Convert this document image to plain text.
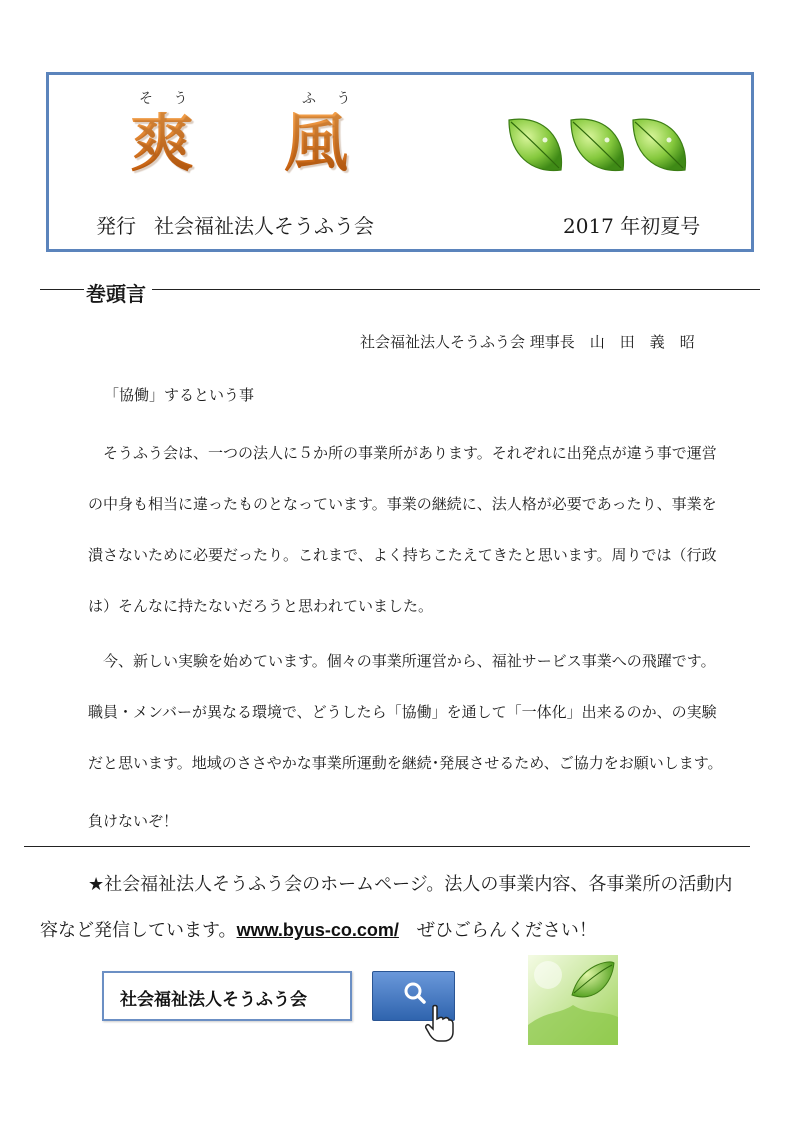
そ う	ふ う
爽 風
発行 社会福祉法人そうふう会	2017 年初夏号
巻頭言
社会福祉法人そうふう会 理事長　山　田　義　昭
「協働」するという事

　そうふう会は、一つの法人に５か所の事業所があります。それぞれに出発点が違う事で運営
の中身も相当に違ったものとなっています。事業の継続に、法人格が必要であったり、事業を
潰さないために必要だったり。これまで、よく持ちこたえてきたと思います。周りでは（行政
は）そんなに持たないだろうと思われていました。

　今、新しい実験を始めています。個々の事業所運営から、福祉サービス事業への飛躍です。
職員・メンバーが異なる環境で、どうしたら「協働」を通して「一体化」出来るのか、の実験
だと思います。地域のささやかな事業所運動を継続･発展させるため、ご協力をお願いします。

負けないぞ！
★社会福祉法人そうふう会のホームページ。法人の事業内容、各事業所の活動内
容など発信しています。www.byus-co.com/　ぜひごらんください！
社会福祉法人そうふう会
